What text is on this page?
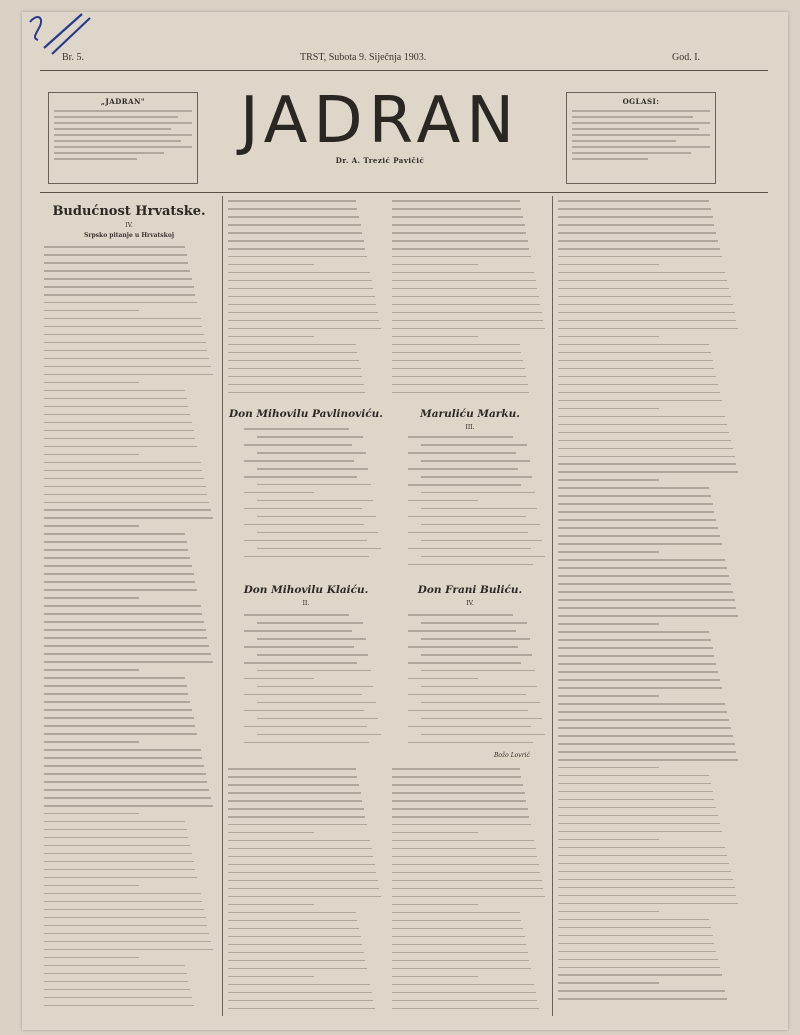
Br. 5.	TRST, Subota 9. Siječnja 1903.	God. I.
„JADRAN"	JADRAN
Dr. A. Trezić Pavičić
OGLASI:
Budućnost Hrvatske.
IV.
Srpsko pitanje u Hrvatskoj
Don Mihovilu Pavlinoviću.	Maruliću Marku.
III.
Don Mihovilu Klaiću.
II.
Don Frani Buliću.
IV.
Božo Lovrić
